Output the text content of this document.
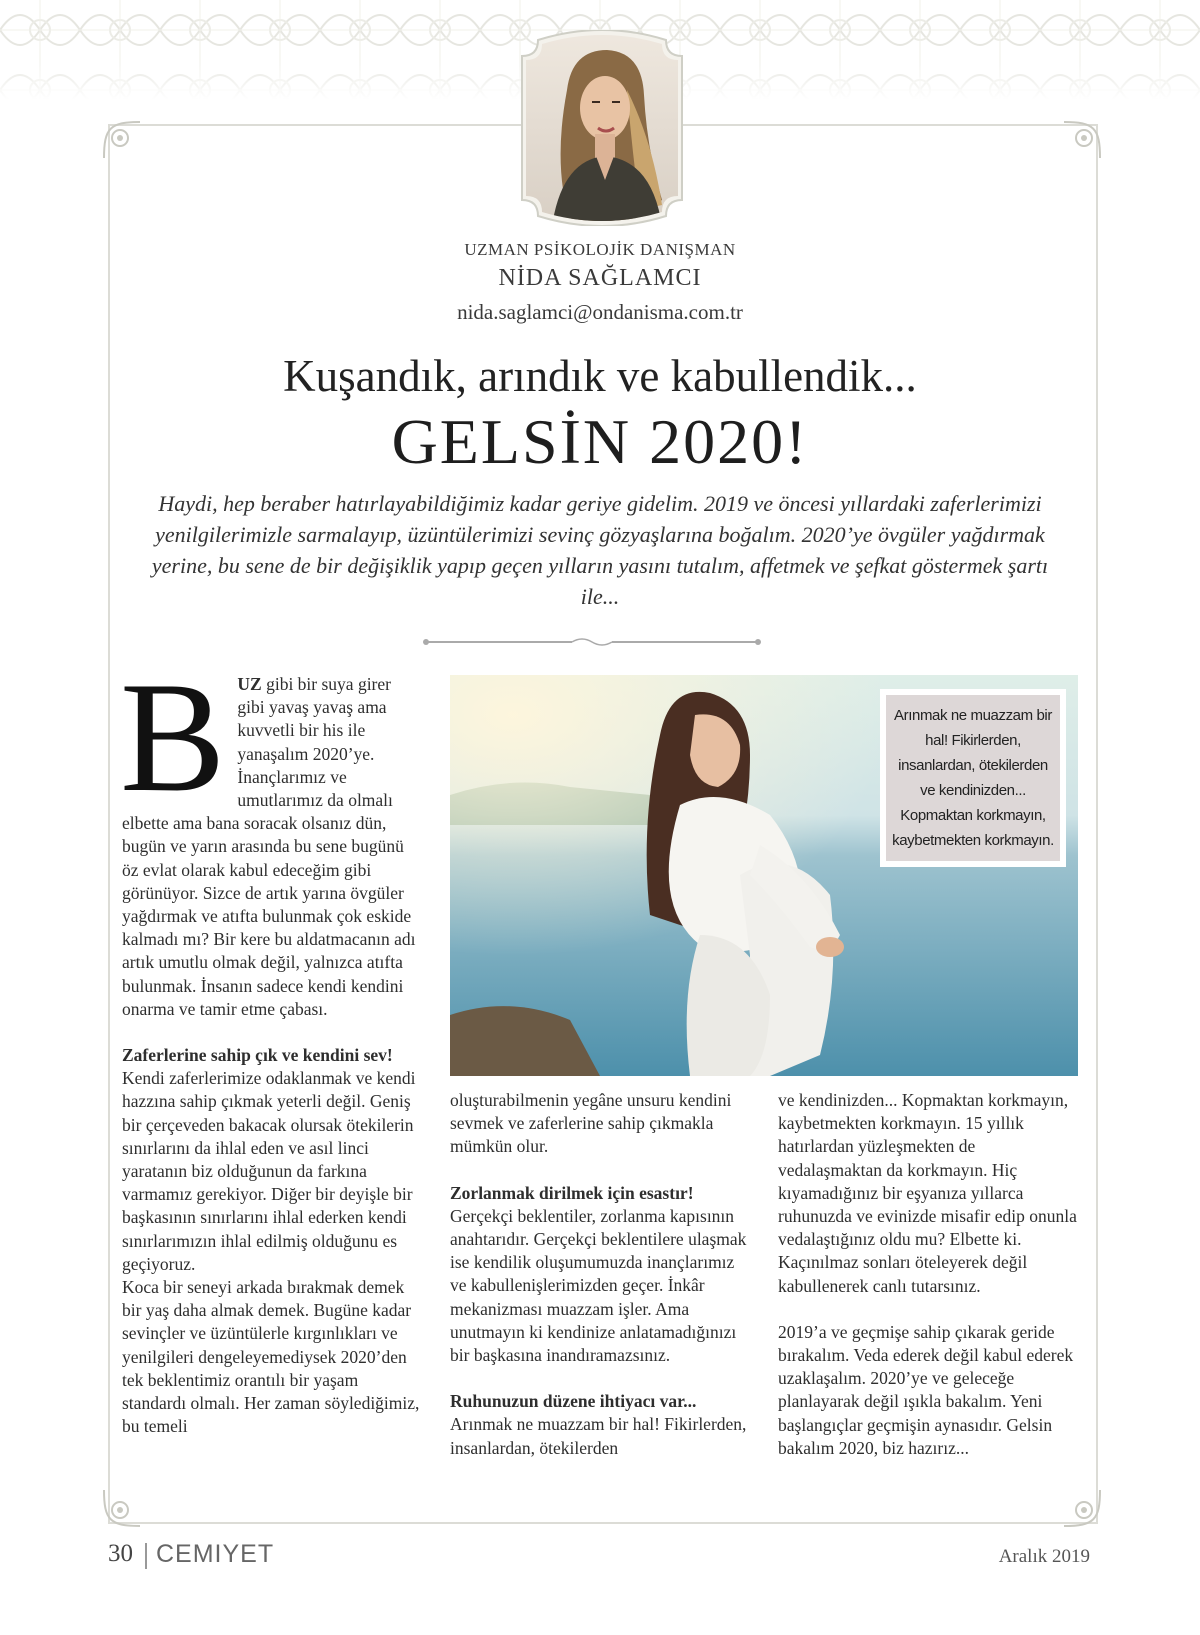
UZMAN PSİKOLOJİK DANIŞMAN
NİDA SAĞLAMCI
nida.saglamci@ondanisma.com.tr
Kuşandık, arındık ve kabullendik...
GELSİN 2020!
Haydi, hep beraber hatırlayabildiğimiz kadar geriye gidelim. 2019 ve öncesi yıllardaki zaferlerimizi yenilgilerimizle sarmalayıp, üzüntülerimizi sevinç gözyaşlarına boğalım. 2020’ye övgüler yağdırmak yerine, bu sene de bir değişiklik yapıp geçen yılların yasını tutalım, affetmek ve şefkat göstermek şartı ile...

BUZ gibi bir suya girer gibi yavaş yavaş ama kuvvetli bir his ile yanaşalım 2020’ye. İnançlarımız ve umutlarımız da olmalı elbette ama bana soracak olsanız dün, bugün ve yarın arasında bu sene bugünü öz evlat olarak kabul edeceğim gibi görünüyor. Sizce de artık yarına övgüler yağdırmak ve atıfta bulunmak çok eskide kalmadı mı? Bir kere bu aldatmacanın adı artık umutlu olmak değil, yalnızca atıfta bulunmak. İnsanın sadece kendi kendini onarma ve tamir etme çabası.

Zaferlerine sahip çık ve kendini sev!

Kendi zaferlerimize odaklanmak ve kendi hazzına sahip çıkmak yeterli değil. Geniş bir çerçeveden bakacak olursak ötekilerin sınırlarını da ihlal eden ve asıl linci yaratanın biz olduğunun da farkına varmamız gerekiyor. Diğer bir deyişle bir başkasının sınırlarını ihlal ederken kendi sınırlarımızın ihlal edilmiş olduğunu es geçiyoruz.

Koca bir seneyi arkada bırakmak demek bir yaş daha almak demek. Bugüne kadar sevinçler ve üzüntülerle kırgınlıkları ve yenilgileri dengeleyemediysek 2020’den tek beklentimiz orantılı bir yaşam standardı olmalı. Her zaman söylediğimiz, bu temeli

Arınmak ne muazzam bir hal! Fikirlerden, insanlardan, ötekilerden ve kendinizden... Kopmaktan korkmayın, kaybetmekten korkmayın.

oluşturabilmenin yegâne unsuru kendini sevmek ve zaferlerine sahip çıkmakla mümkün olur.

Zorlanmak dirilmek için esastır!

Gerçekçi beklentiler, zorlanma kapısının anahtarıdır. Gerçekçi beklentilere ulaşmak ise kendilik oluşumumuzda inançlarımız ve kabullenişlerimizden geçer. İnkâr mekanizması muazzam işler. Ama unutmayın ki kendinize anlatamadığınızı bir başkasına inandıramazsınız.

Ruhunuzun düzene ihtiyacı var...

Arınmak ne muazzam bir hal! Fikirlerden, insanlardan, ötekilerden

ve kendinizden... Kopmaktan korkmayın, kaybetmekten korkmayın. 15 yıllık hatırlardan yüzleşmekten de vedalaşmaktan da korkmayın. Hiç kıyamadığınız bir eşyanıza yıllarca ruhunuzda ve evinizde misafir edip onunla vedalaştığınız oldu mu? Elbette ki. Kaçınılmaz sonları öteleyerek değil kabullenerek canlı tutarsınız.

2019’a ve geçmişe sahip çıkarak geride bırakalım. Veda ederek değil kabul ederek uzaklaşalım. 2020’ye ve geleceğe planlayarak değil ışıkla bakalım. Yeni başlangıçlar geçmişin aynasıdır. Gelsin bakalım 2020, biz hazırız...

30 CEMIYET	Aralık 2019
